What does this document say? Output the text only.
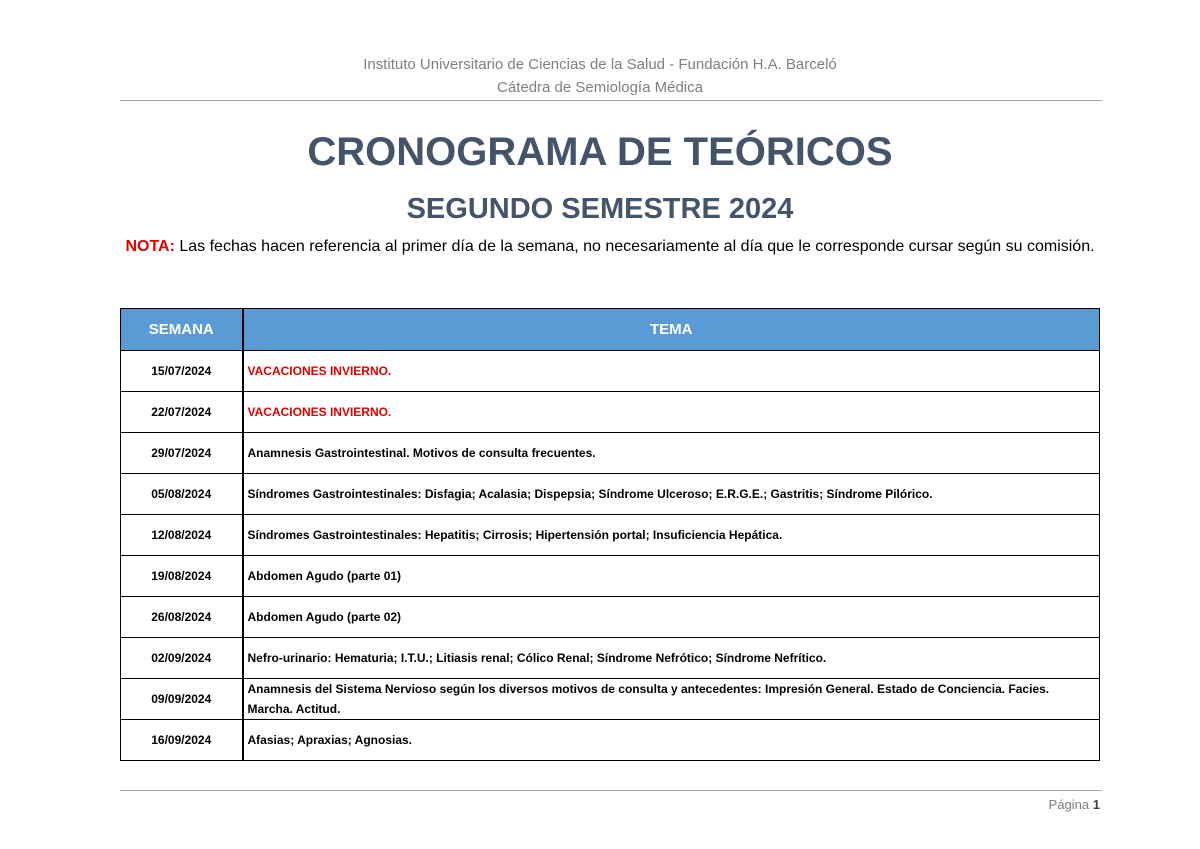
Instituto Universitario de Ciencias de la Salud - Fundación H.A. Barceló
Cátedra de Semiología Médica
CRONOGRAMA DE TEÓRICOS
SEGUNDO SEMESTRE 2024
NOTA: Las fechas hacen referencia al primer día de la semana, no necesariamente al día que le corresponde cursar según su comisión.
SEMANA	TEMA
15/07/2024	VACACIONES INVIERNO.
22/07/2024	VACACIONES INVIERNO.
29/07/2024	Anamnesis Gastrointestinal. Motivos de consulta frecuentes.
05/08/2024	Síndromes Gastrointestinales: Disfagia; Acalasia; Dispepsia; Síndrome Ulceroso; E.R.G.E.; Gastritis; Síndrome Pilórico.
12/08/2024	Síndromes Gastrointestinales: Hepatitis; Cirrosis; Hipertensión portal; Insuficiencia Hepática.
19/08/2024	Abdomen Agudo (parte 01)
26/08/2024	Abdomen Agudo (parte 02)
02/09/2024	Nefro-urinario: Hematuria; I.T.U.; Litiasis renal; Cólico Renal; Síndrome Nefrótico; Síndrome Nefrítico.
09/09/2024	Anamnesis del Sistema Nervioso según los diversos motivos de consulta y antecedentes: Impresión General. Estado de Conciencia. Facies. Marcha. Actitud.
16/09/2024	Afasias; Apraxias; Agnosias.
Página 1
